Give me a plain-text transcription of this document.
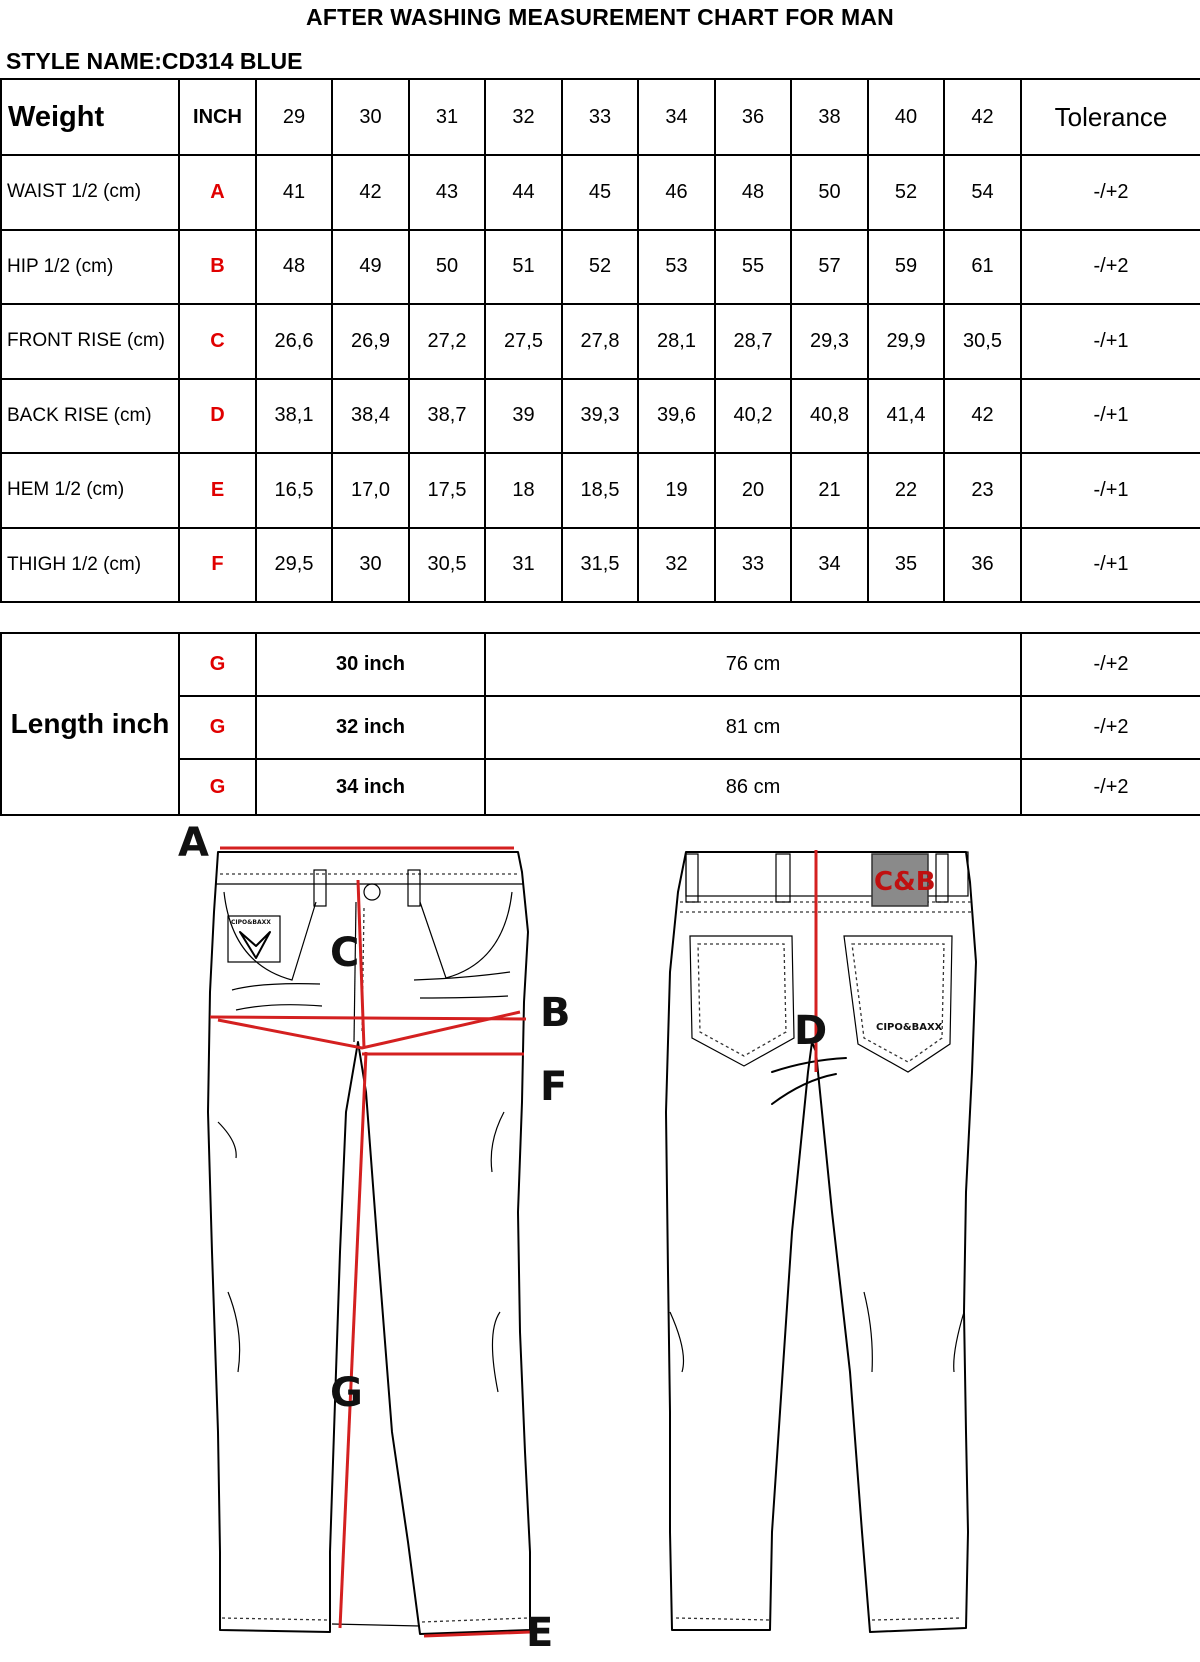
AFTER WASHING MEASUREMENT CHART FOR MAN
STYLE NAME:CD314 BLUE
Weight	INCH	29	30	31	32	33	34	36	38	40	42	Tolerance
WAIST 1/2 (cm)	A	41	42	43	44	45	46	48	50	52	54	-/+2
HIP 1/2 (cm)	B	48	49	50	51	52	53	55	57	59	61	-/+2
FRONT RISE (cm)	C	26,6	26,9	27,2	27,5	27,8	28,1	28,7	29,3	29,9	30,5	-/+1
BACK RISE (cm)	D	38,1	38,4	38,7	39	39,3	39,6	40,2	40,8	41,4	42	-/+1
HEM 1/2 (cm)	E	16,5	17,0	17,5	18	18,5	19	20	21	22	23	-/+1
THIGH 1/2 (cm)	F	29,5	30	30,5	31	31,5	32	33	34	35	36	-/+1
Length inch	G	30 inch	76 cm	-/+2
	G	32 inch	81 cm	-/+2
	G	34 inch	86 cm	-/+2
CIPO&BAXX
C&B
CIPO&BAXX
A
B
C
D
E
F
G
